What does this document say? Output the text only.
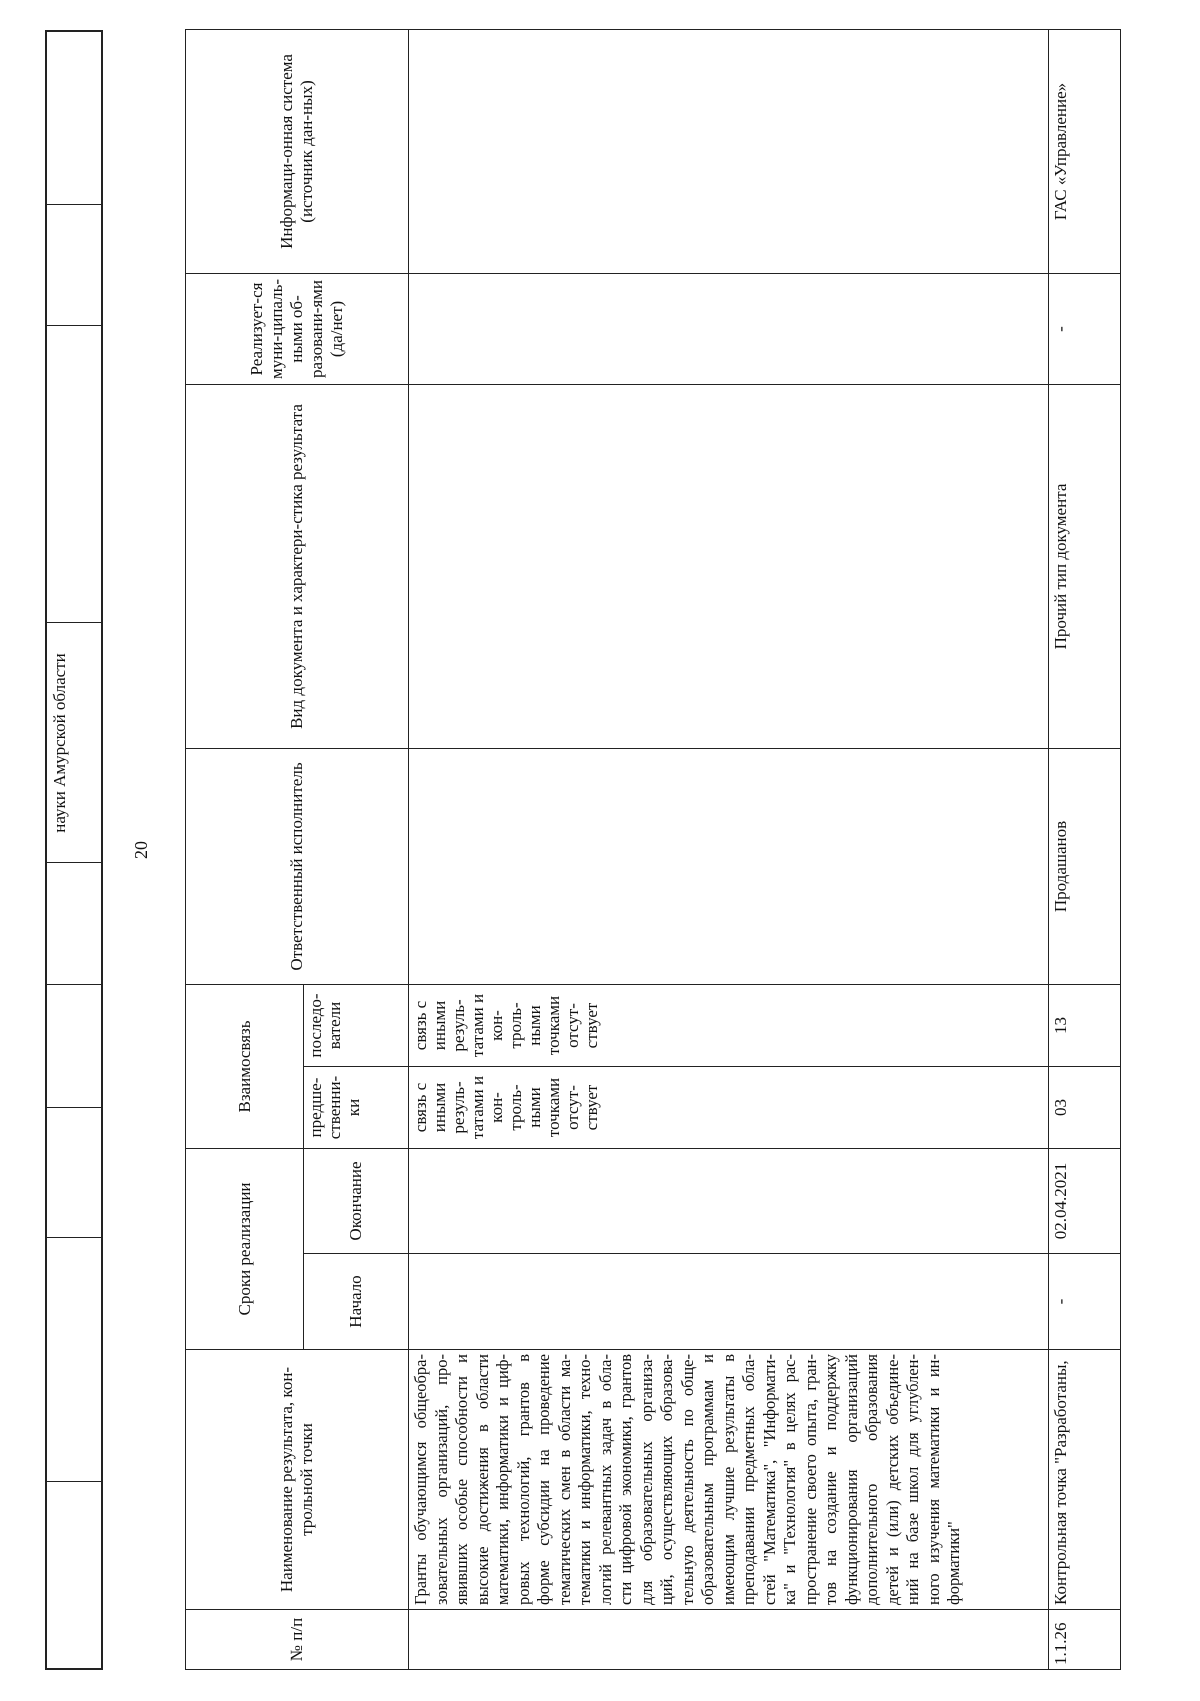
науки Амурской области
20
№ п/п	Наименование результата, кон-трольной точки	Сроки реализации		Взаимосвязь		Ответственный исполнитель	Вид документа и характери-стика результата	Реализует-ся муни-ципаль-ными об-разовани-ями (да/нет)	Информаци-онная система (источник дан-ных)
		Начало	Окончание	предше-ственни-ки	последо-ватели				
	Гранты обучающимся общеобра-зовательных организаций, про-явивших особые способности и высокие достижения в области математики, информатики и циф-ровых технологий, грантов в форме субсидии на проведение тематических смен в области ма-тематики и информатики, техно-логий релевантных задач в обла- сти цифровой экономики, грантов для образовательных организа- ций, осуществляющих образова- тельную деятельность по обще-образовательным программам и имеющим лучшие результаты в преподавании предметных обла-стей "Математика", "Информати-ка" и "Технология" в целях рас-пространение своего опыта, гран-тов на создание и поддержку функционирования организаций дополнительного образования детей и (или) детских объедине- ний на базе школ для углублен- ного изучения математики и ин-форматики"			связь с иными резуль-татами и кон-троль-ными точками отсут-ствует	связь с иными резуль-татами и кон-троль-ными точками отсут-ствует				
1.1.26	Контрольная точка "Разработаны,	-	02.04.2021	03	13	Продашанов	Прочий тип документа	-	ГАС «Управление»
